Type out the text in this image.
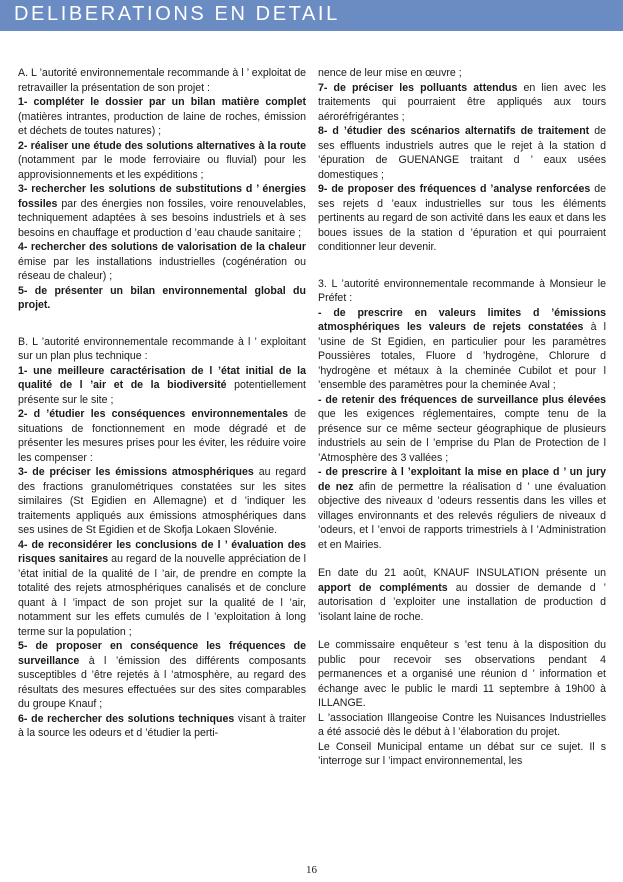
DELIBERATIONS EN DETAIL

A. L ’autorité environnementale recommande à l ’ exploitat de retravailler la présentation de son projet :

1- compléter le dossier par un bilan matière complet (matières intrantes, production de laine de roches, émission et déchets de toutes natures) ;

2- réaliser une étude des solutions alternatives à la route (notamment par le mode ferroviaire ou fluvial) pour les approvisionnements et les expéditions ;

3- rechercher les solutions de substitutions d ’ énergies fossiles par des énergies non fossiles, voire renouvelables, techniquement adaptées à ses besoins industriels et à ses besoins en chauffage et production d ’eau chaude sanitaire ;

4- rechercher des solutions de valorisation de la chaleur émise par les installations industrielles (cogénération ou réseau de chaleur) ;

5- de présenter un bilan environnemental global du projet.

B. L ’autorité environnementale recommande à l ’ exploitant sur un plan plus technique :

1- une meilleure caractérisation de l ’état initial de la qualité de l ’air et de la biodiversité potentiellement présente sur le site ;

2- d ’étudier les conséquences environnementales de situations de fonctionnement en mode dégradé et de présenter les mesures prises pour les éviter, les réduire voire les compenser :

3- de préciser les émissions atmosphériques au regard des fractions granulométriques constatées sur les sites similaires (St Egidien en Allemagne) et d ’indiquer les traitements appliqués aux émissions atmosphériques dans ses usines de St Egidien et de Skofja Lokaen Slovénie.

4- de reconsidérer les conclusions de l ’ évaluation des risques sanitaires au regard de la nouvelle appréciation de l ’état initial de la qualité de l ’air, de prendre en compte la totalité des rejets atmosphériques canalisés et de conclure quant à l ’impact de son projet sur la qualité de l ’air, notamment sur les effets cumulés de l ’exploitation à long terme sur la population ;

5- de proposer en conséquence les fréquences de surveillance à l ’émission des différents composants susceptibles d ’être rejetés à l ’atmosphère, au regard des résultats des mesures effectuées sur des sites comparables du groupe Knauf ;

6- de rechercher des solutions techniques visant à traiter à la source les odeurs et d ’étudier la perti-

nence de leur mise en œuvre ;

7- de préciser les polluants attendus en lien avec les traitements qui pourraient être appliqués aux tours aéroréfrigérantes ;

8- d ’étudier des scénarios alternatifs de traitement de ses effluents industriels autres que le rejet à la station d ’épuration de GUENANGE traitant d ’ eaux usées domestiques ;

9- de proposer des fréquences d ’analyse renforcées de ses rejets d ’eaux industrielles sur tous les éléments pertinents au regard de son activité dans les eaux et dans les boues issues de la station d ’épuration et qui pourraient conditionner leur devenir.

3. L ’autorité environnementale recommande à Monsieur le Préfet :

- de prescrire en valeurs limites d ’émissions atmosphériques les valeurs de rejets constatées à l ’usine de St Egidien, en particulier pour les paramètres Poussières totales, Fluore d ’hydrogène, Chlorure d ’hydrogène et métaux à la cheminée Cubilot et pour l ’ensemble des paramètres pour la cheminée Aval ;

- de retenir des fréquences de surveillance plus élevées que les exigences réglementaires, compte tenu de la présence sur ce même secteur géographique de plusieurs industriels au sein de l ’emprise du Plan de Protection de l ’Atmosphère des 3 vallées ;

- de prescrire à l ’exploitant la mise en place d ’ un jury de nez afin de permettre la réalisation d ’ une évaluation objective des niveaux d ’odeurs ressentis dans les villes et villages environnants et des relevés réguliers de niveaux d ’odeurs, et l ’envoi de rapports trimestriels à l ’Administration et en Mairies.

En date du 21 août, KNAUF INSULATION présente un apport de compléments au dossier de demande d ’ autorisation d ’exploiter une installation de production d ’isolant laine de roche.

Le commissaire enquêteur s ’est tenu à la disposition du public pour recevoir ses observations pendant 4 permanences et a organisé une réunion d ’ information et échange avec le public le mardi 11 septembre à 19h00 à ILLANGE.

L ’association Illangeoise Contre les Nuisances Industrielles a été associé dès le début à l ’élaboration du projet.

Le Conseil Municipal entame un débat sur ce sujet. Il s ’interroge sur l ’impact environnemental, les

16
